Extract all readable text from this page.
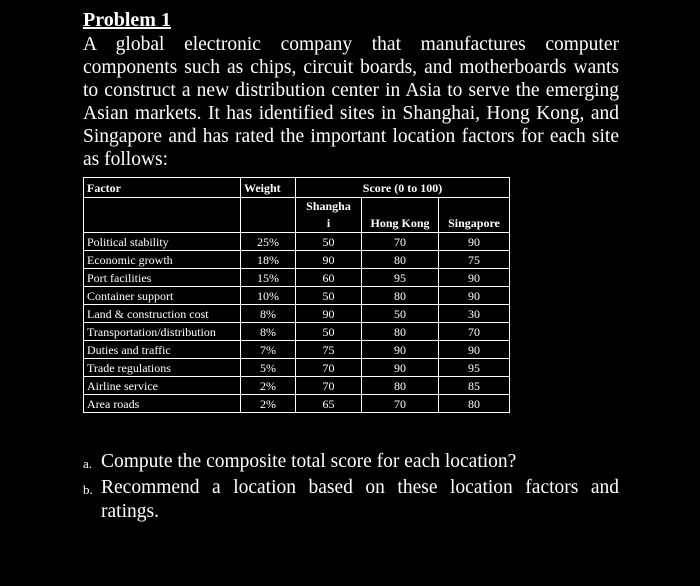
Problem 1
A global electronic company that manufactures computer components such as chips, circuit boards, and motherboards wants to construct a new distribution center in Asia to serve the emerging Asian markets. It has identified sites in Shanghai, Hong Kong, and Singapore and has rated the important location factors for each site as follows:
Factor	Weight	Score (0 to 100)		

		Shangha
i	Hong Kong	Singapore
Political stability	25%	50	70	90
Economic growth	18%	90	80	75
Port facilities	15%	60	95	90
Container support	10%	50	80	90
Land & construction cost	8%	90	50	30
Transportation/distribution	8%	50	80	70
Duties and traffic	7%	75	90	90
Trade regulations	5%	70	90	95
Airline service	2%	70	80	85
Area roads	2%	65	70	80
a. Compute the composite total score for each location?
b. Recommend a location based on these location factors and ratings.
